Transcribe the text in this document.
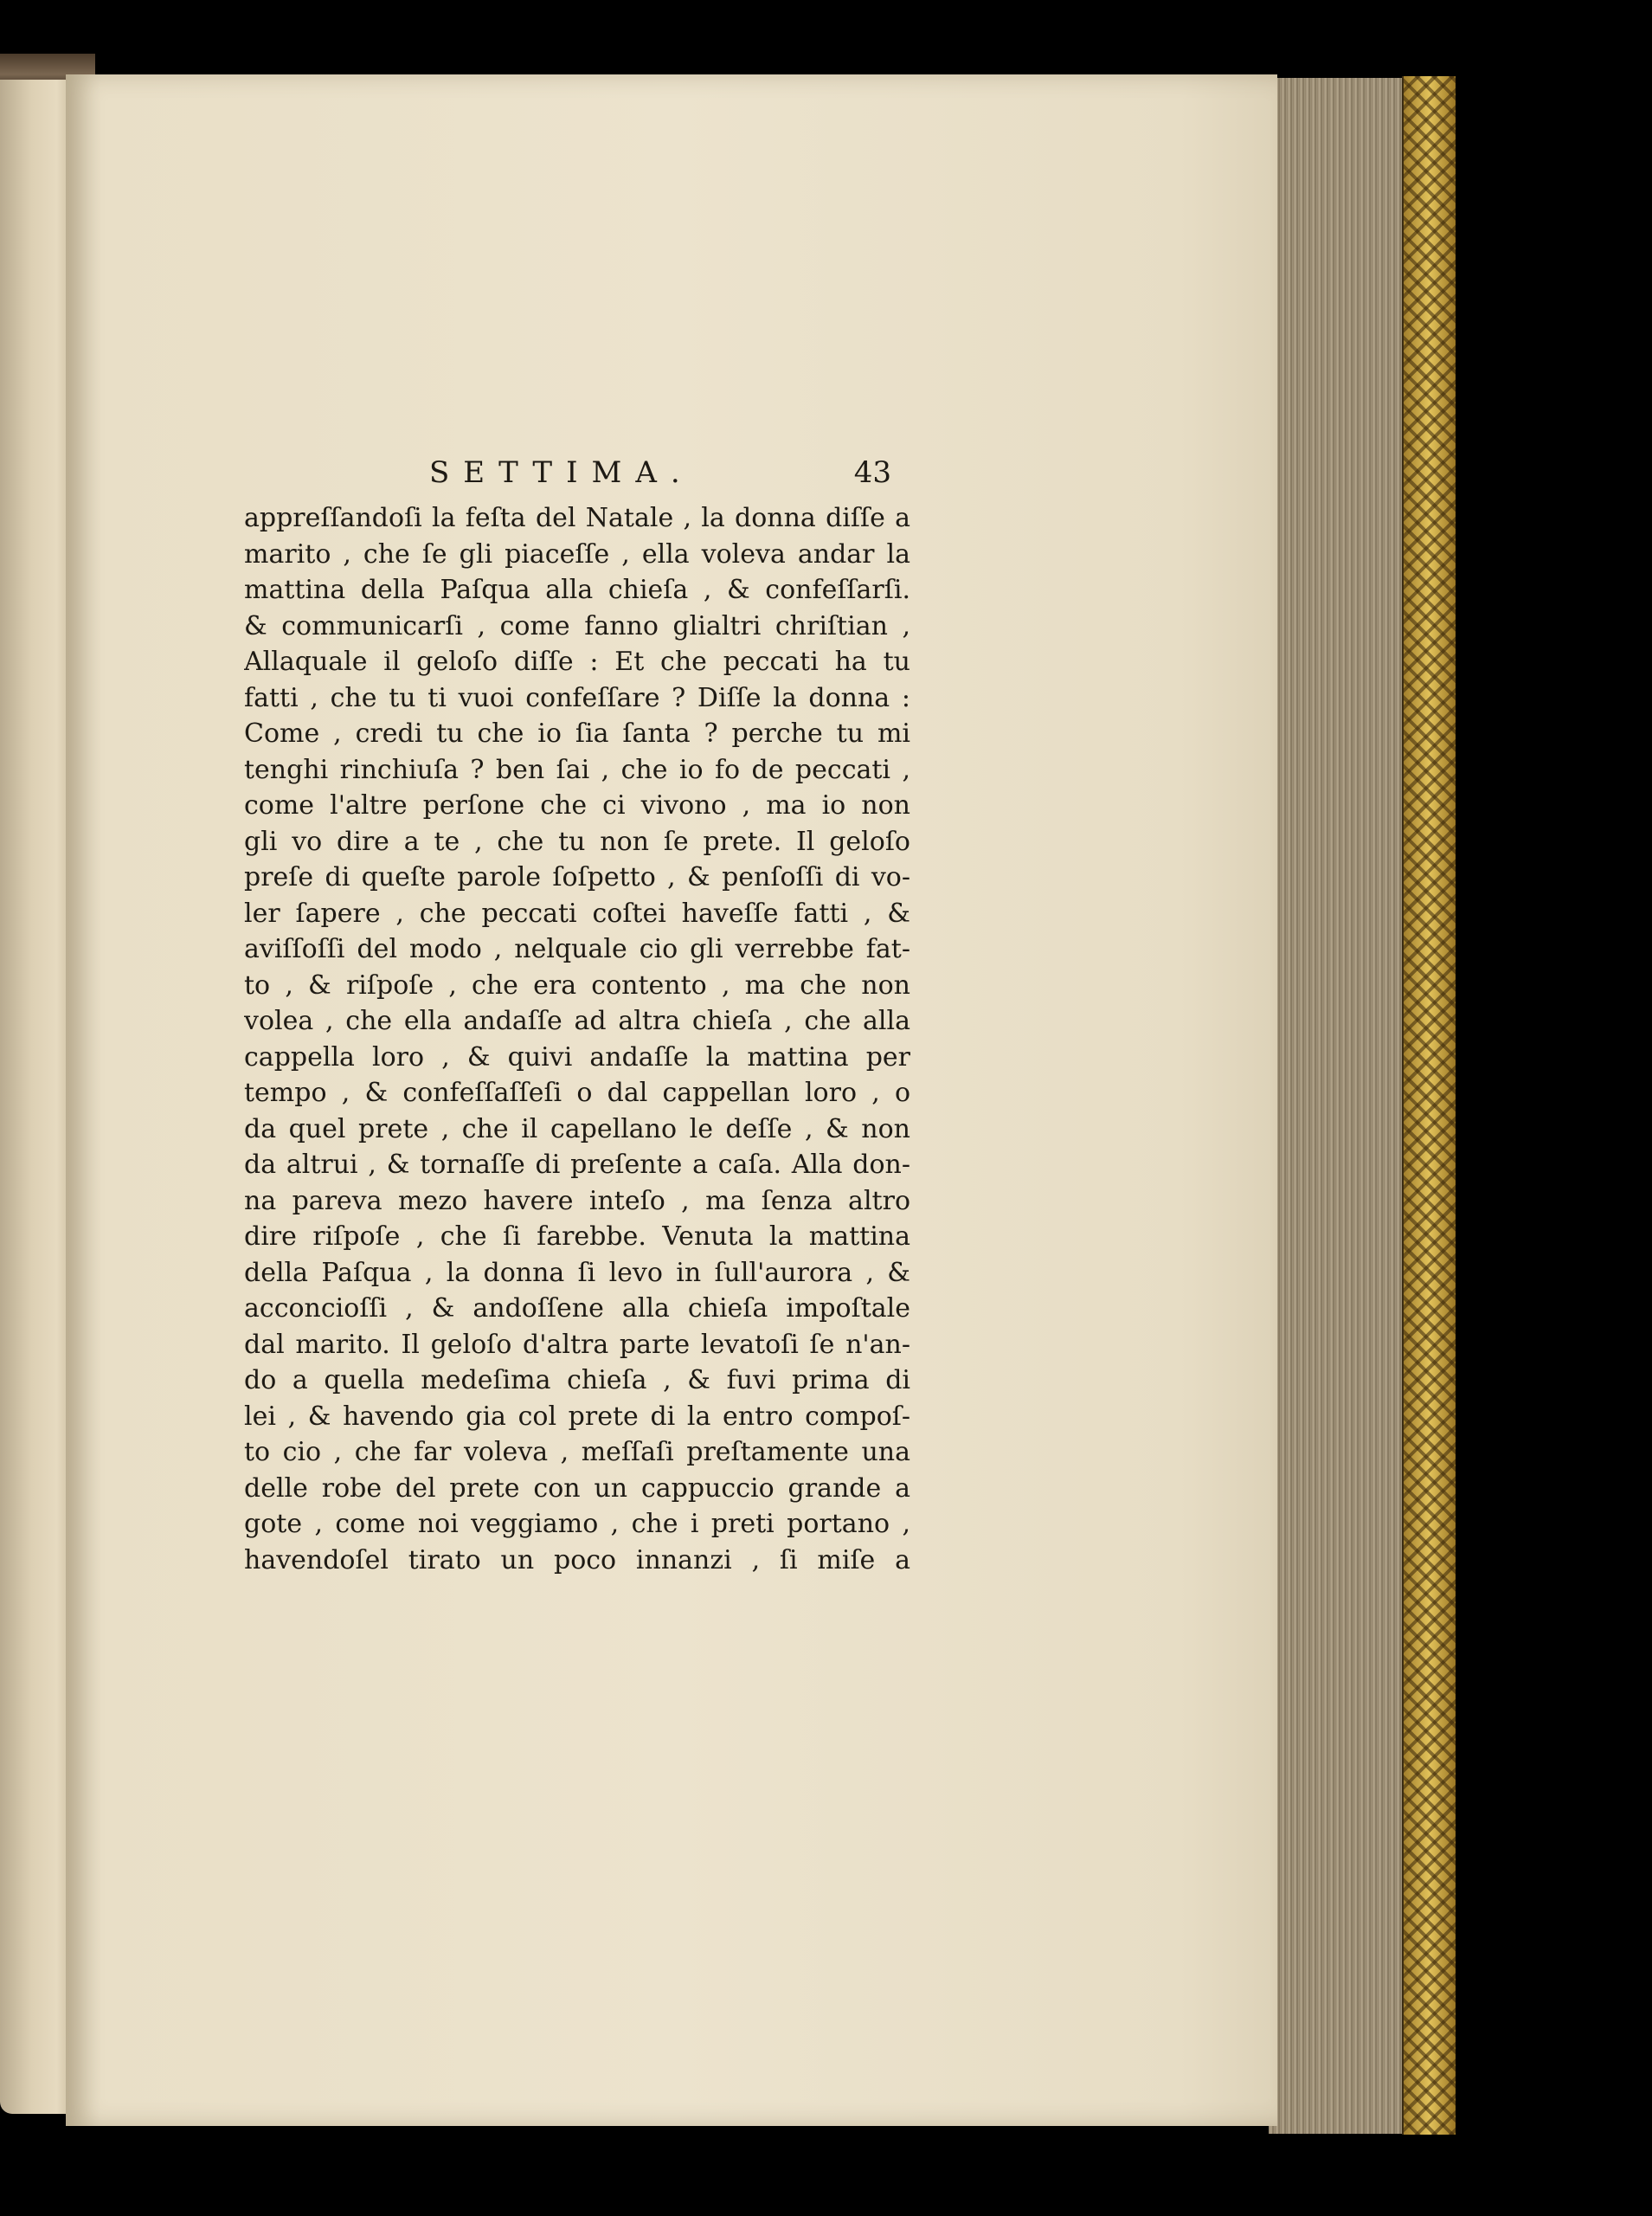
SETTIMA.	43
appreſſandoſi la feſta del Natale , la donna diſſe a
marito , che ſe gli piaceſſe , ella voleva andar la
mattina della Paſqua alla chieſa , & confeſſarſi.
& communicarſi , come fanno glialtri chriſtian ,
Allaquale il geloſo diſſe : Et che peccati ha tu
fatti , che tu ti vuoi confeſſare ? Diſſe la donna :
Come , credi tu che io ſia ſanta ? perche tu mi
tenghi rinchiuſa ? ben ſai , che io fo de peccati ,
come l'altre perſone che ci vivono , ma io non
gli vo dire a te , che tu non ſe prete. Il geloſo
preſe di queſte parole ſoſpetto , & penſoſſi di vo-
ler ſapere , che peccati coſtei haveſſe fatti , &
aviſſoſſi del modo , nelquale cio gli verrebbe fat-
to , & riſpoſe , che era contento , ma che non
volea , che ella andaſſe ad altra chieſa , che alla
cappella loro , & quivi andaſſe la mattina per
tempo , & confeſſaſſeſi o dal cappellan loro , o
da quel prete , che il capellano le deſſe , & non
da altrui , & tornaſſe di preſente a caſa. Alla don-
na pareva mezo havere inteſo , ma ſenza altro
dire riſpoſe , che ſi farebbe. Venuta la mattina
della Paſqua , la donna ſi levo in ſull'aurora , &
acconcioſſi , & andoſſene alla chieſa impoſtale
dal marito. Il geloſo d'altra parte levatoſi ſe n'an-
do a quella medeſima chieſa , & fuvi prima di
lei , & havendo gia col prete di la entro compoſ-
to cio , che far voleva , meſſaſi preſtamente una
delle robe del prete con un cappuccio grande a
gote , come noi veggiamo , che i preti portano ,
havendoſel tirato un poco innanzi , ſi miſe a
